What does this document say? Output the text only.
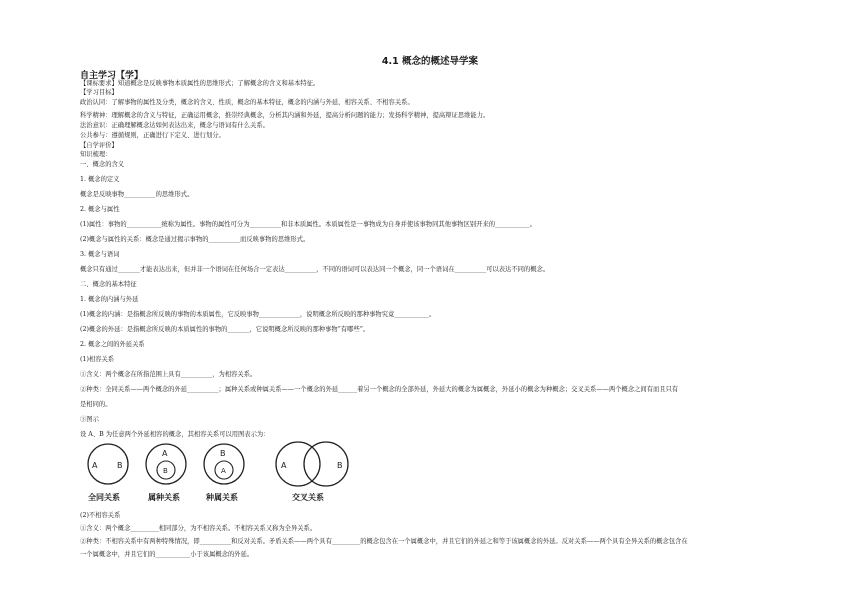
4.1 概念的概述导学案
自主学习【学】
【课标要求】知道概念是反映事物本质属性的思维形式；了解概念的含义和基本特征。
【学习目标】
政治认同：了解事物的属性及分类，概念的含义、性质，概念的基本特征，概念的内涵与外延，相容关系、不相容关系。
科学精神：理解概念的含义与特征，正确运用概念，推崇经典概念，分析其内涵和外延，提高分析问题的能力；发扬科学精神，提高辩证思维能力。
法治意识：正确理解概念达如何表达出来，概念与语词有什么关系。
公共参与：遵循规则，正确进行下定义、进行划分。
【自学评价】
知识梳理：
一、概念的含义
1. 概念的定义
概念是反映事物__________的思维形式。
2. 概念与属性
(1)属性：事物的___________统称为属性。事物的属性可分为__________和非本质属性。本质属性是一事物成为自身并使该事物同其他事物区别开来的___________。
(2)概念与属性的关系：概念是通过揭示事物的__________而反映事物的思维形式。
3. 概念与语词
概念只有通过_______才能表达出来，但并非一个语词在任何场合一定表达__________，不同的语词可以表达同一个概念，同一个语词在__________可以表达不同的概念。
二、概念的基本特征
1. 概念的内涵与外延
(1)概念的内涵：是指概念所反映的事物的本质属性，它反映事物_____________，说明概念所反映的那种事物究竟___________。
(2)概念的外延：是指概念所反映的本质属性的事物的_______，它说明概念所反映的那种事物“有哪些”。
2. 概念之间的外延关系
(1)相容关系
①含义：两个概念在所指范围上具有__________，为相容关系。
②种类：全同关系——两个概念的外延__________；属种关系或种属关系——一个概念的外延______着另一个概念的全部外延，外延大的概念为属概念，外延小的概念为种概念；交叉关系——两个概念之间有而且只有
是相同的。
③图示
设 A、B 为任意两个外延相容的概念，其相容关系可以用图表示为：
A B
全同关系
A
B
属种关系
B
A
种属关系
A	B
交叉关系
(2)不相容关系
①含义：两个概念_________相同部分，为不相容关系。不相容关系又称为全异关系。
②种类：不相容关系中有两种特殊情况，即__________和反对关系。矛盾关系——两个具有_________的概念包含在一个属概念中，并且它们的外延之和等于该属概念的外延。反对关系——两个具有全异关系的概念包含在
一个属概念中，并且它们的___________小于该属概念的外延。
